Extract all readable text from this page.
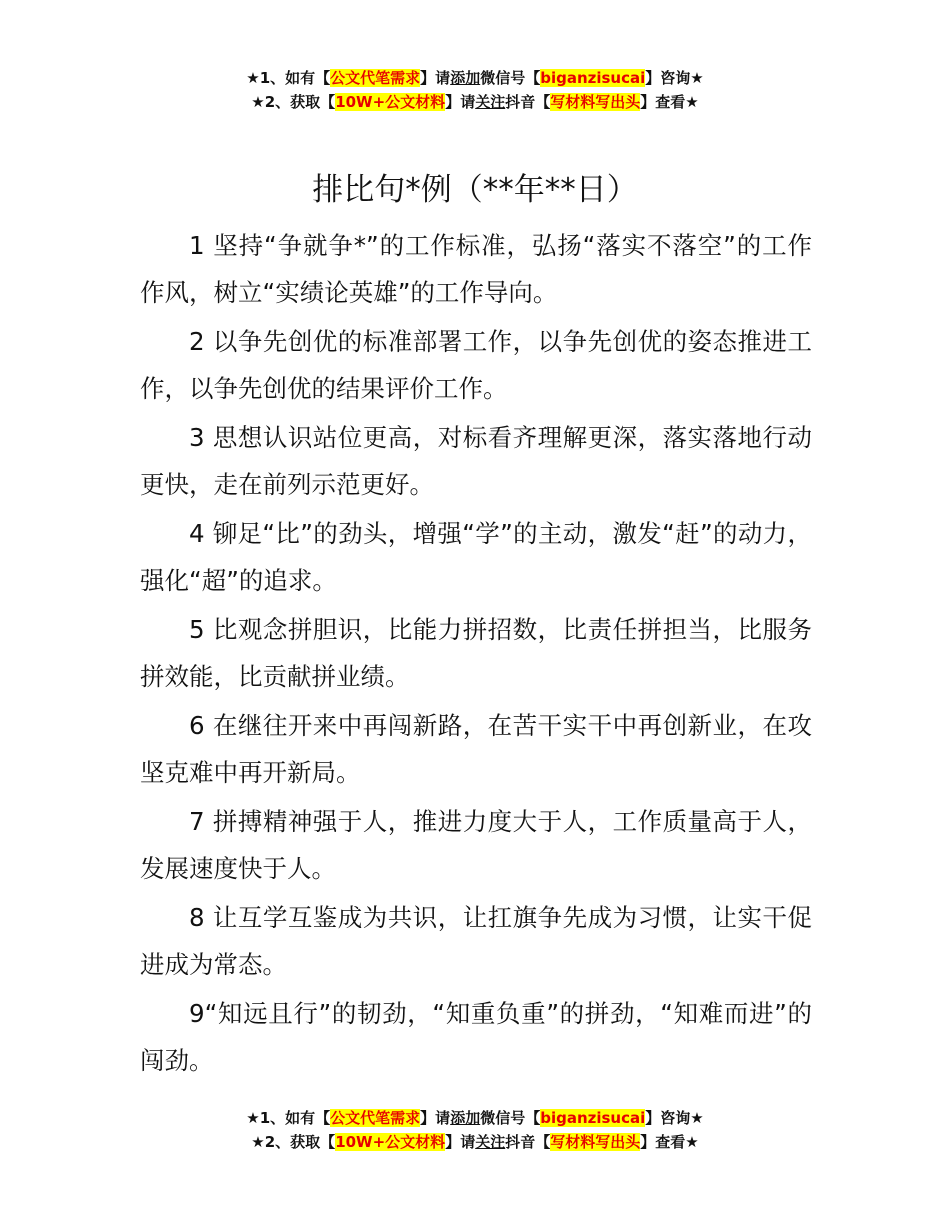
★1、如有【公文代笔需求】请添加微信号【biganzisucai】咨询★
★2、获取【10W+公文材料】请关注抖音【写材料写出头】查看★
排比句*例（**年**日）

1 坚持“争就争*”的工作标准，弘扬“落实不落空”的工作作风，树立“实绩论英雄”的工作导向。

2 以争先创优的标准部署工作，以争先创优的姿态推进工作，以争先创优的结果评价工作。

3 思想认识站位更高，对标看齐理解更深，落实落地行动更快，走在前列示范更好。

4 铆足“比”的劲头，增强“学”的主动，激发“赶”的动力，强化“超”的追求。

5 比观念拼胆识，比能力拼招数，比责任拼担当，比服务拼效能，比贡献拼业绩。

6 在继往开来中再闯新路，在苦干实干中再创新业，在攻坚克难中再开新局。

7 拼搏精神强于人，推进力度大于人，工作质量高于人，发展速度快于人。

8 让互学互鉴成为共识，让扛旗争先成为习惯，让实干促进成为常态。

9“知远且行”的韧劲，“知重负重”的拼劲，“知难而进”的闯劲。

★1、如有【公文代笔需求】请添加微信号【biganzisucai】咨询★
★2、获取【10W+公文材料】请关注抖音【写材料写出头】查看★
